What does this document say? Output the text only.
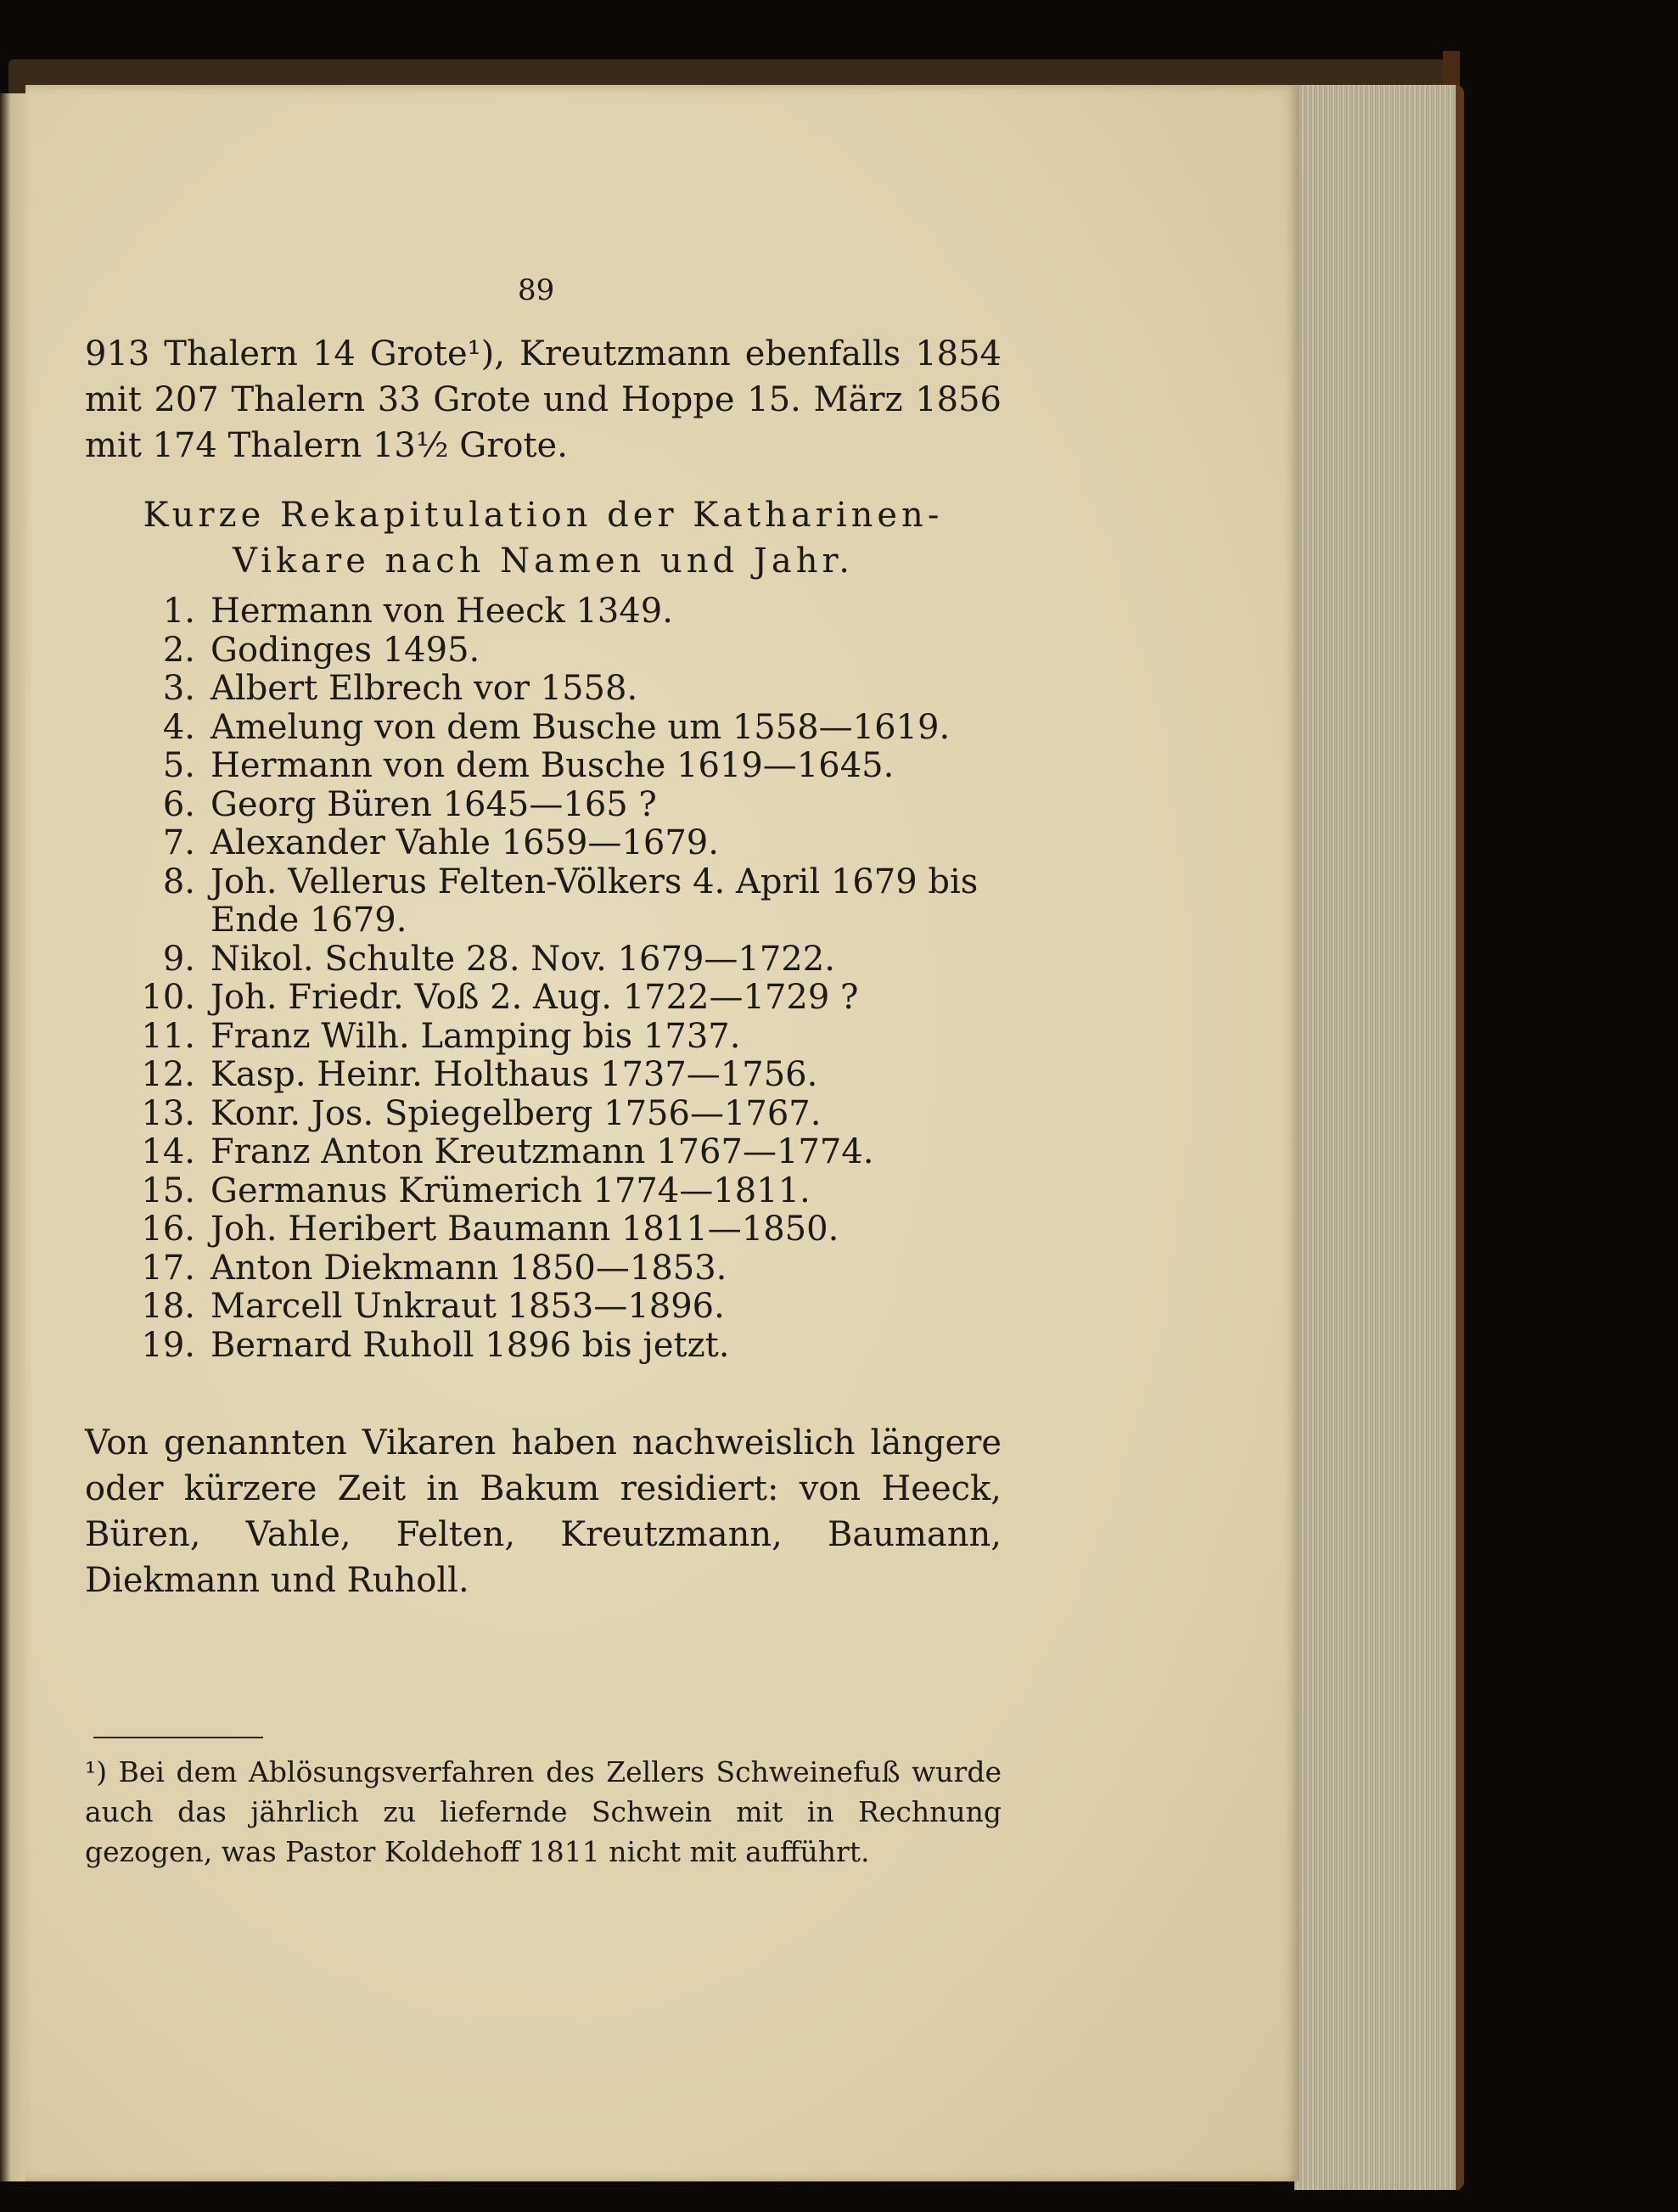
89
913 Thalern 14 Grote¹), Kreutzmann ebenfalls 1854 mit 207 Thalern 33 Grote und Hoppe 15. März 1856 mit 174 Thalern 13½ Grote.
Kurze Rekapitulation der Katharinen-Vikare nach Namen und Jahr.
1. Hermann von Heeck 1349.
2. Godinges 1495.
3. Albert Elbrech vor 1558.
4. Amelung von dem Busche um 1558—1619.
5. Hermann von dem Busche 1619—1645.
6. Georg Büren 1645—165 ?
7. Alexander Vahle 1659—1679.
8. Joh. Vellerus Felten-Völkers 4. April 1679 bis Ende 1679.
9. Nikol. Schulte 28. Nov. 1679—1722.
10. Joh. Friedr. Voß 2. Aug. 1722—1729 ?
11. Franz Wilh. Lamping bis 1737.
12. Kasp. Heinr. Holthaus 1737—1756.
13. Konr. Jos. Spiegelberg 1756—1767.
14. Franz Anton Kreutzmann 1767—1774.
15. Germanus Krümerich 1774—1811.
16. Joh. Heribert Baumann 1811—1850.
17. Anton Diekmann 1850—1853.
18. Marcell Unkraut 1853—1896.
19. Bernard Ruholl 1896 bis jetzt.
Von genannten Vikaren haben nachweislich längere oder kürzere Zeit in Bakum residiert: von Heeck, Büren, Vahle, Felten, Kreutzmann, Baumann, Diekmann und Ruholl.
¹) Bei dem Ablösungsverfahren des Zellers Schweinefuß wurde auch das jährlich zu liefernde Schwein mit in Rechnung gezogen, was Pastor Koldehoff 1811 nicht mit aufführt.
